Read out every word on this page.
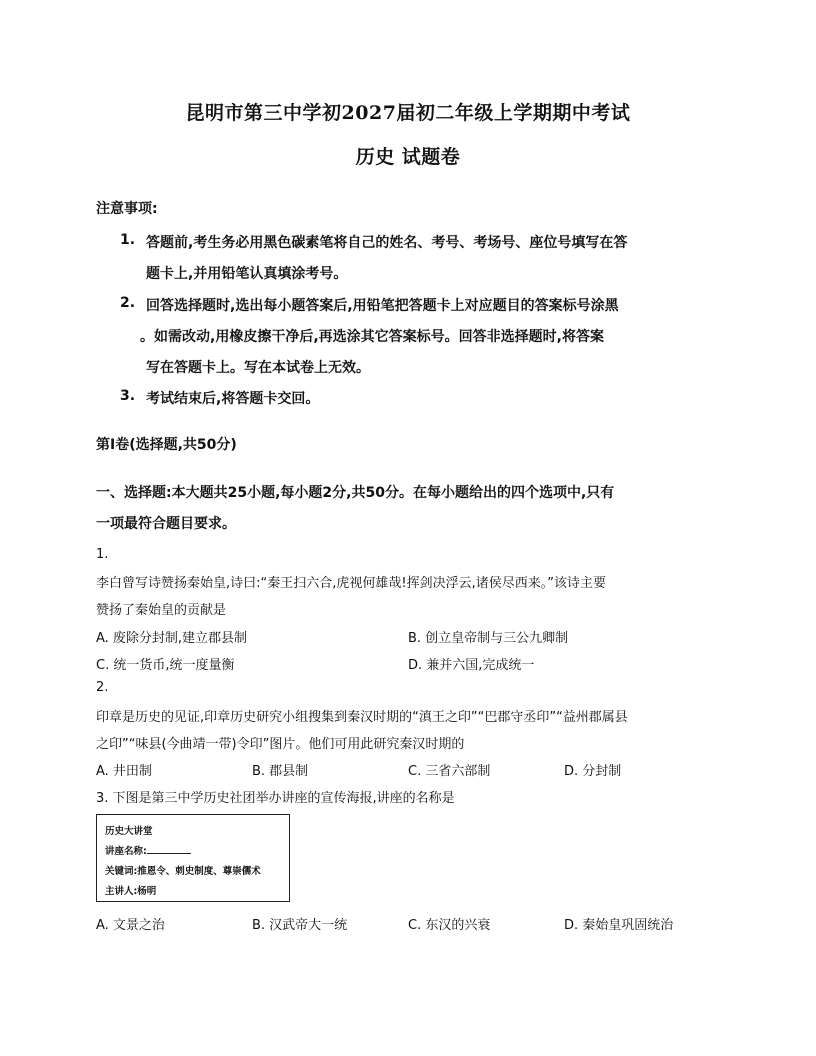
昆明市第三中学初2027届初二年级上学期期中考试
历史 试题卷
注意事项:
1. 答题前,考生务必用黑色碳素笔将自己的姓名、考号、考场号、座位号填写在答
题卡上,并用铅笔认真填涂考号。
2. 回答选择题时,选出每小题答案后,用铅笔把答题卡上对应题目的答案标号涂黑
。如需改动,用橡皮擦干净后,再选涂其它答案标号。回答非选择题时,将答案
写在答题卡上。写在本试卷上无效。
3. 考试结束后,将答题卡交回。
第Ⅰ卷(选择题,共50分)
一、选择题:本大题共25小题,每小题2分,共50分。在每小题给出的四个选项中,只有
一项最符合题目要求。
1.
李白曾写诗赞扬秦始皇,诗曰:“秦王扫六合,虎视何雄哉!挥剑决浮云,诸侯尽西来。”该诗主要
赞扬了秦始皇的贡献是
A. 废除分封制,建立郡县制	B. 创立皇帝制与三公九卿制
C. 统一货币,统一度量衡	D. 兼并六国,完成统一
2.
印章是历史的见证,印章历史研究小组搜集到秦汉时期的“滇王之印”“巴郡守丞印”“益州郡属县
之印”“味县(今曲靖一带)令印”图片。他们可用此研究秦汉时期的
A. 井田制	B. 郡县制	C. 三省六部制	D. 分封制
3. 下图是第三中学历史社团举办讲座的宣传海报,讲座的名称是
历史大讲堂
讲座名称:
关键词:推恩令、刺史制度、尊崇儒术
主讲人:杨明
A. 文景之治	B. 汉武帝大一统	C. 东汉的兴衰	D. 秦始皇巩固统治
